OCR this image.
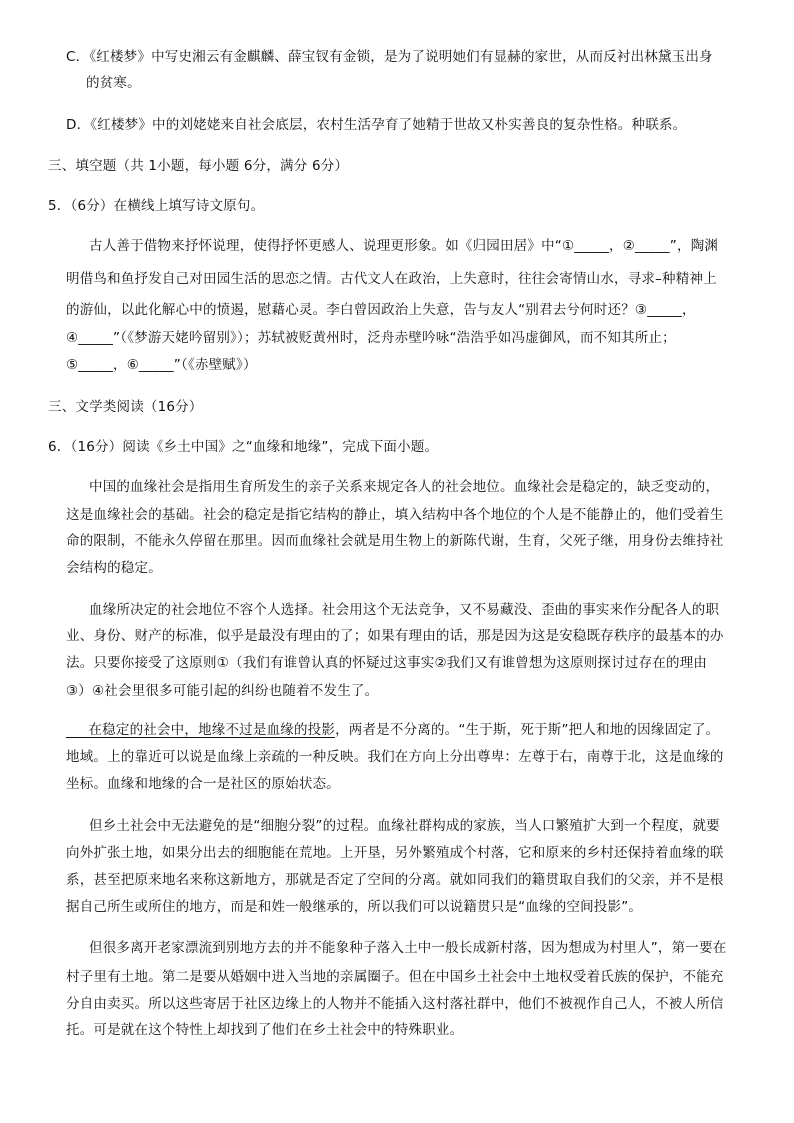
C．《红楼梦》中写史湘云有金麒麟、薛宝钗有金锁，是为了说明她们有显赫的家世，从而反衬出林黛玉出身
的贫寒。
D．《红楼梦》中的刘姥姥来自社会底层，农村生活孕育了她精于世故又朴实善良的复杂性格。种联系。
三、填空题（共 1小题，每小题 6分，满分 6分）
5．（6分）在横线上填写诗文原句。
古人善于借物来抒怀说理，使得抒怀更感人、说理更形象。如《归园田居》中“①_____，②_____”，陶渊
明借鸟和鱼抒发自己对田园生活的思恋之情。古代文人在政治，上失意时，往往会寄情山水，寻求–种精神上
的游仙，以此化解心中的愤遏，慰藉心灵。李白曾因政治上失意，告与友人“别君去兮何时还？③_____，
④_____”（《梦游天姥吟留别》）；苏轼被贬黄州时，泛舟赤壁吟咏“浩浩乎如冯虚御风，而不知其所止；
⑤_____，⑥_____”（《赤壁赋》）
三、文学类阅读（16分）
6．（16分）阅读《乡土中国》之“血缘和地缘”，完成下面小题。
中国的血缘社会是指用生育所发生的亲子关系来规定各人的社会地位。血缘社会是稳定的，缺乏变动的，
这是血缘社会的基础。社会的稳定是指它结构的静止，填入结构中各个地位的个人是不能静止的，他们受着生
命的限制，不能永久停留在那里。因而血缘社会就是用生物上的新陈代谢，生育，父死子继，用身份去维持社
会结构的稳定。
血缘所决定的社会地位不容个人选择。社会用这个无法竞争，又不易藏没、歪曲的事实来作分配各人的职
业、身份、财产的标准，似乎是最没有理由的了；如果有理由的话，那是因为这是安稳既存秩序的最基本的办
法。只要你接受了这原则①（我们有谁曾认真的怀疑过这事实②我们又有谁曾想为这原则探讨过存在的理由
③）④社会里很多可能引起的纠纷也随着不发生了。
在稳定的社会中，地缘不过是血缘的投影，两者是不分离的。“生于斯，死于斯”把人和地的因缘固定了。
地域。上的靠近可以说是血缘上亲疏的一种反映。我们在方向上分出尊卑：左尊于右，南尊于北，这是血缘的
坐标。血缘和地缘的合一是社区的原始状态。
但乡土社会中无法避免的是“细胞分裂”的过程。血缘社群构成的家族，当人口繁殖扩大到一个程度，就要
向外扩张土地，如果分出去的细胞能在荒地。上开垦，另外繁殖成个村落，它和原来的乡村还保持着血缘的联
系，甚至把原来地名来称这新地方，那就是否定了空间的分离。就如同我们的籍贯取自我们的父亲，并不是根
据自己所生或所住的地方，而是和姓一般继承的，所以我们可以说籍贯只是“血缘的空间投影”。
但很多离开老家漂流到别地方去的并不能象种子落入土中一般长成新村落，因为想成为村里人”，第一要在
村子里有土地。第二是要从婚姻中进入当地的亲属圈子。但在中国乡土社会中土地权受着氏族的保护，不能充
分自由卖买。所以这些寄居于社区边缘上的人物并不能插入这村落社群中，他们不被视作自己人，不被人所信
托。可是就在这个特性上却找到了他们在乡土社会中的特殊职业。
